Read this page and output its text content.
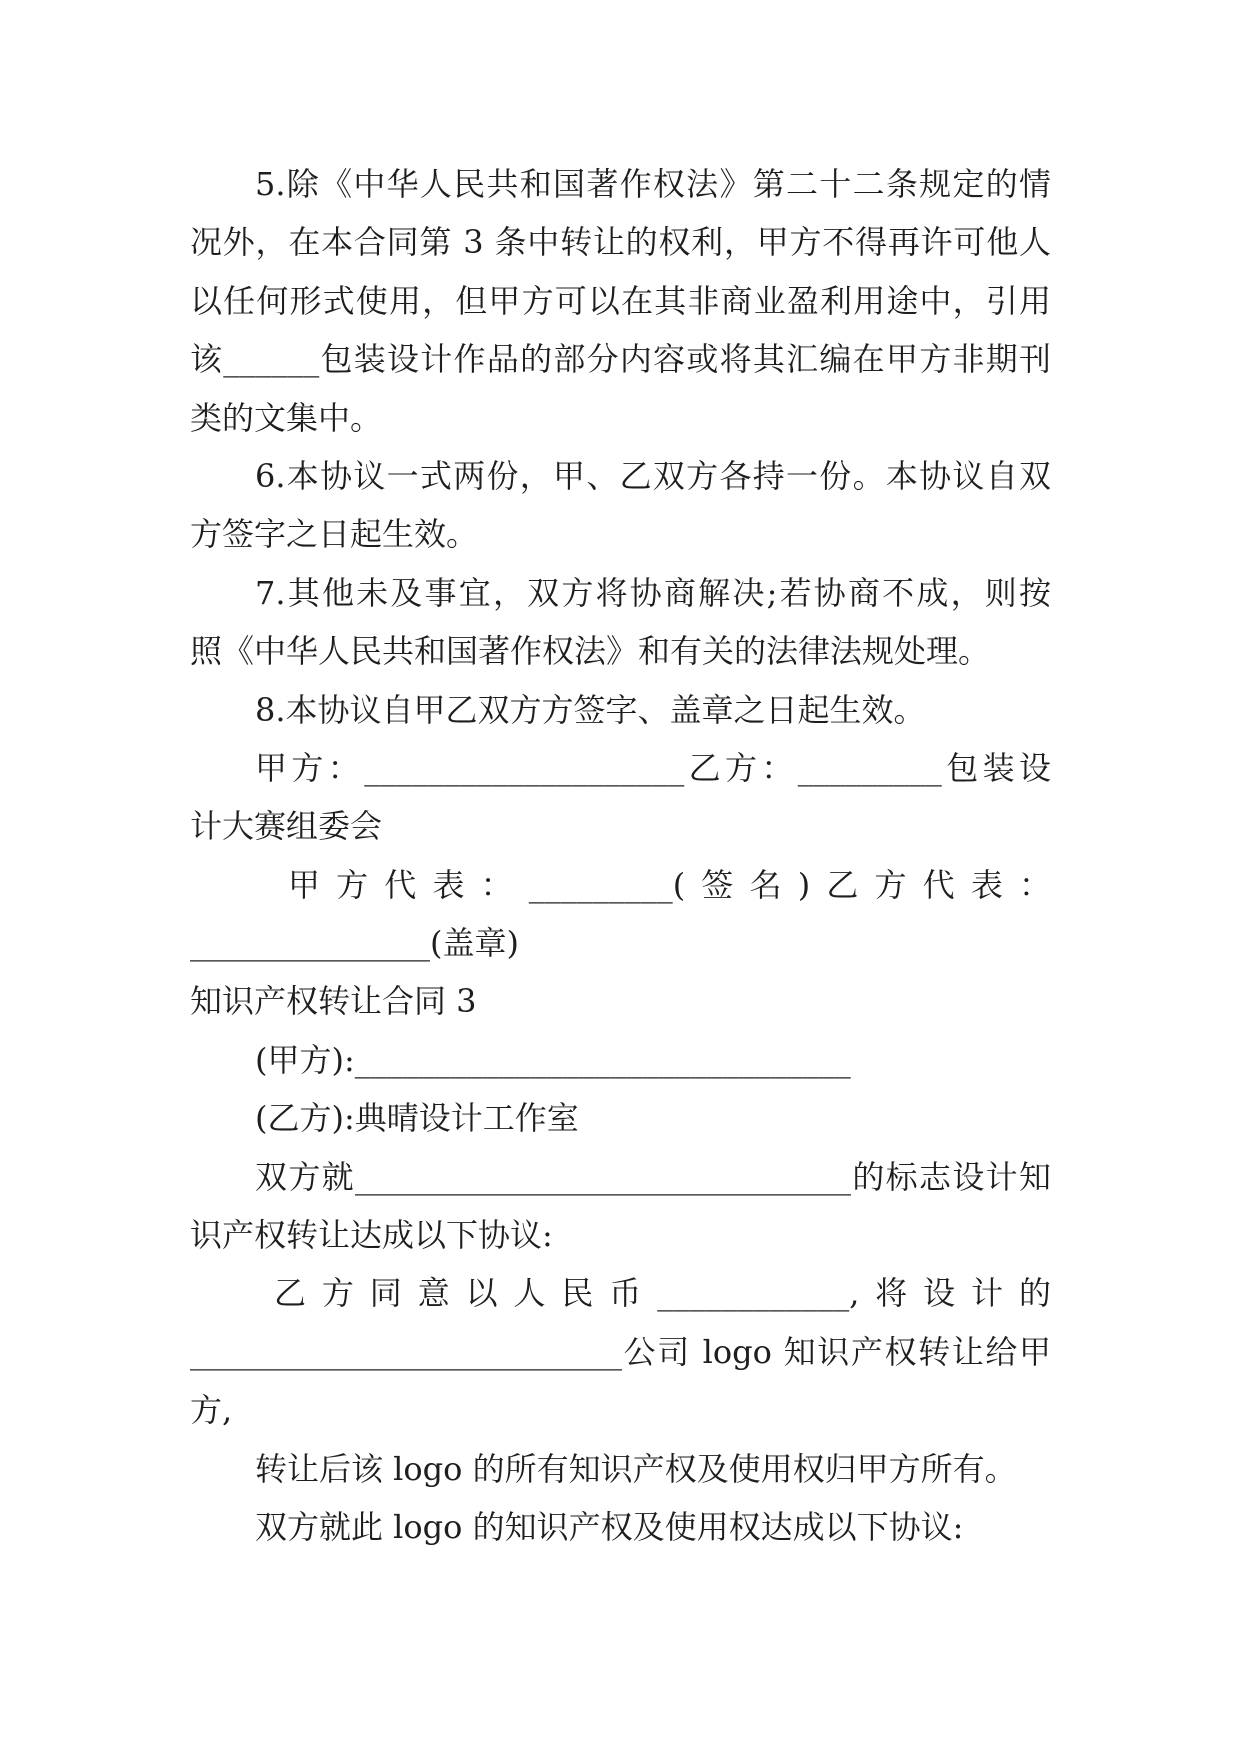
5.除《中华人民共和国著作权法》第二十二条规定的情
况外，在本合同第 3 条中转让的权利，甲方不得再许可他人
以任何形式使用，但甲方可以在其非商业盈利用途中，引用
该______包装设计作品的部分内容或将其汇编在甲方非期刊
类的文集中。
6.本协议一式两份，甲、乙双方各持一份。本协议自双
方签字之日起生效。
7.其他未及事宜，双方将协商解决;若协商不成，则按
照《中华人民共和国著作权法》和有关的法律法规处理。
8.本协议自甲乙双方方签字、盖章之日起生效。
甲方：____________________乙方：_________包装设
计大赛组委会
甲方代表：_________(签名)乙方代表：
_______________(盖章)
知识产权转让合同 3
(甲方):_______________________________
(乙方):典晴设计工作室
双方就_______________________________的标志设计知
识产权转让达成以下协议:
乙方同意以人民币____________,将设计的
___________________________公司 logo 知识产权转让给甲
方,
转让后该 logo 的所有知识产权及使用权归甲方所有。
双方就此 logo 的知识产权及使用权达成以下协议:
